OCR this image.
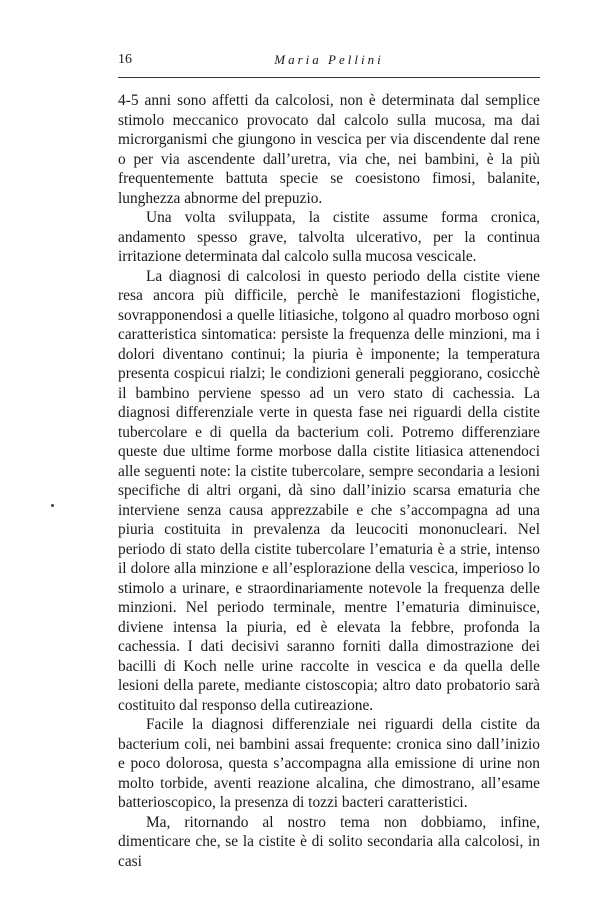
16	Maria Pellini

4-5 anni sono affetti da calcolosi, non è determinata dal semplice stimolo meccanico provocato dal calcolo sulla mucosa, ma dai microrganismi che giungono in vescica per via discendente dal rene o per via ascendente dall’uretra, via che, nei bambini, è la più frequentemente battuta specie se coesistono fimosi, balanite, lunghezza abnorme del prepuzio.

Una volta sviluppata, la cistite assume forma cronica, andamento spesso grave, talvolta ulcerativo, per la continua irritazione determinata dal calcolo sulla mucosa vescicale.

La diagnosi di calcolosi in questo periodo della cistite viene resa ancora più difficile, perchè le manifestazioni flogistiche, sovrapponendosi a quelle litiasiche, tolgono al quadro morboso ogni caratteristica sintomatica: persiste la frequenza delle minzioni, ma i dolori diventano continui; la piuria è imponente; la temperatura presenta cospicui rialzi; le condizioni generali peggiorano, cosicchè il bambino perviene spesso ad un vero stato di cachessia. La diagnosi differenziale verte in questa fase nei riguardi della cistite tubercolare e di quella da bacterium coli. Potremo differenziare queste due ultime forme morbose dalla cistite litiasica attenendoci alle seguenti note: la cistite tubercolare, sempre secondaria a lesioni specifiche di altri organi, dà sino dall’inizio scarsa ematuria che interviene senza causa apprezzabile e che s’accompagna ad una piuria costituita in prevalenza da leucociti mononucleari. Nel periodo di stato della cistite tubercolare l’ematuria è a strie, intenso il dolore alla minzione e all’esplorazione della vescica, imperioso lo stimolo a urinare, e straordinariamente notevole la frequenza delle minzioni. Nel periodo terminale, mentre l’ematuria diminuisce, diviene intensa la piuria, ed è elevata la febbre, profonda la cachessia. I dati decisivi saranno forniti dalla dimostrazione dei bacilli di Koch nelle urine raccolte in vescica e da quella delle lesioni della parete, mediante cistoscopia; altro dato probatorio sarà costituito dal responso della cutireazione.

Facile la diagnosi differenziale nei riguardi della cistite da bacterium coli, nei bambini assai frequente: cronica sino dall’inizio e poco dolorosa, questa s’accompagna alla emissione di urine non molto torbide, aventi reazione alcalina, che dimostrano, all’esame batterioscopico, la presenza di tozzi bacteri caratteristici.

Ma, ritornando al nostro tema non dobbiamo, infine, dimenticare che, se la cistite è di solito secondaria alla calcolosi, in casi
